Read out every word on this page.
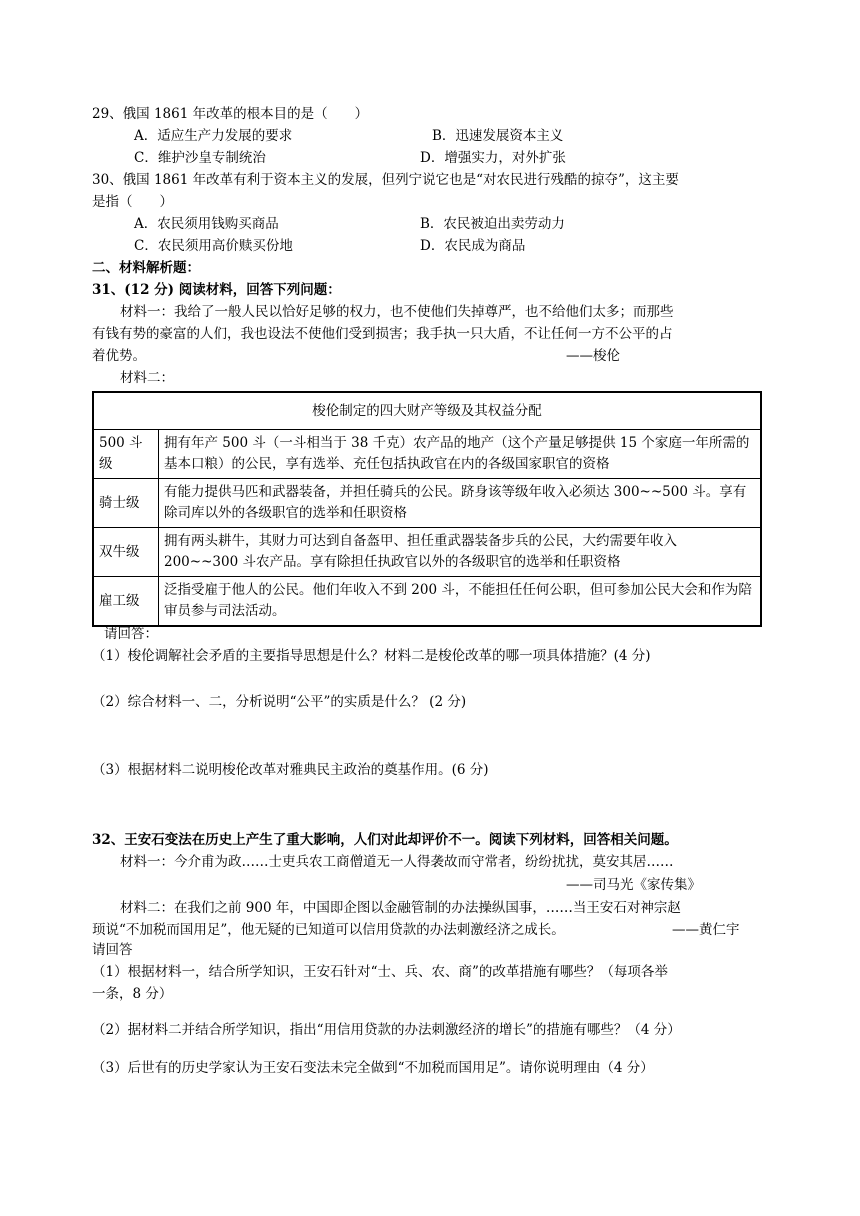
29、俄国 1861 年改革的根本目的是（　　）
A．适应生产力发展的要求	B．迅速发展资本主义
C．维护沙皇专制统治	D．增强实力，对外扩张
30、俄国 1861 年改革有利于资本主义的发展，但列宁说它也是“对农民进行残酷的掠夺”，这主要
是指（　　）
A．农民须用钱购买商品	B．农民被迫出卖劳动力
C．农民须用高价赎买份地	D．农民成为商品
二、材料解析题：
31、(12 分) 阅读材料，回答下列问题：
材料一：我给了一般人民以恰好足够的权力，也不使他们失掉尊严，也不给他们太多；而那些
有钱有势的豪富的人们，我也设法不使他们受到损害；我手执一只大盾，不让任何一方不公平的占
着优势。	——梭伦
材料二：
梭伦制定的四大财产等级及其权益分配	
500 斗级	拥有年产 500 斗（一斗相当于 38 千克）农产品的地产（这个产量足够提供 15 个家庭一年所需的基本口粮）的公民，享有选举、充任包括执政官在内的各级国家职官的资格
骑士级	有能力提供马匹和武器装备，并担任骑兵的公民。跻身该等级年收入必须达 300~~500 斗。享有除司库以外的各级职官的选举和任职资格
双牛级	拥有两头耕牛，其财力可达到自备盔甲、担任重武器装备步兵的公民，大约需要年收入 200~~300 斗农产品。享有除担任执政官以外的各级职官的选举和任职资格
雇工级	泛指受雇于他人的公民。他们年收入不到 200 斗，不能担任任何公职，但可参加公民大会和作为陪审员参与司法活动。
请回答：
（1）梭伦调解社会矛盾的主要指导思想是什么？材料二是梭伦改革的哪一项具体措施？(4 分)
（2）综合材料一、二，分析说明“公平”的实质是什么？ (2 分)
（3）根据材料二说明梭伦改革对雅典民主政治的奠基作用。(6 分)
32、王安石变法在历史上产生了重大影响，人们对此却评价不一。阅读下列材料，回答相关问题。
材料一：今介甫为政……士吏兵农工商僧道无一人得袭故而守常者，纷纷扰扰，莫安其居……
——司马光《家传集》
材料二：在我们之前 900 年，中国即企图以金融管制的办法操纵国事，……当王安石对神宗赵
顼说“不加税而国用足”，他无疑的已知道可以信用贷款的办法刺激经济之成长。	——黄仁宇
请回答
（1）根据材料一，结合所学知识，王安石针对“士、兵、农、商”的改革措施有哪些？（每项各举
一条，8 分）
（2）据材料二并结合所学知识，指出“用信用贷款的办法刺激经济的增长”的措施有哪些？（4 分）
（3）后世有的历史学家认为王安石变法未完全做到“不加税而国用足”。请你说明理由（4 分）
